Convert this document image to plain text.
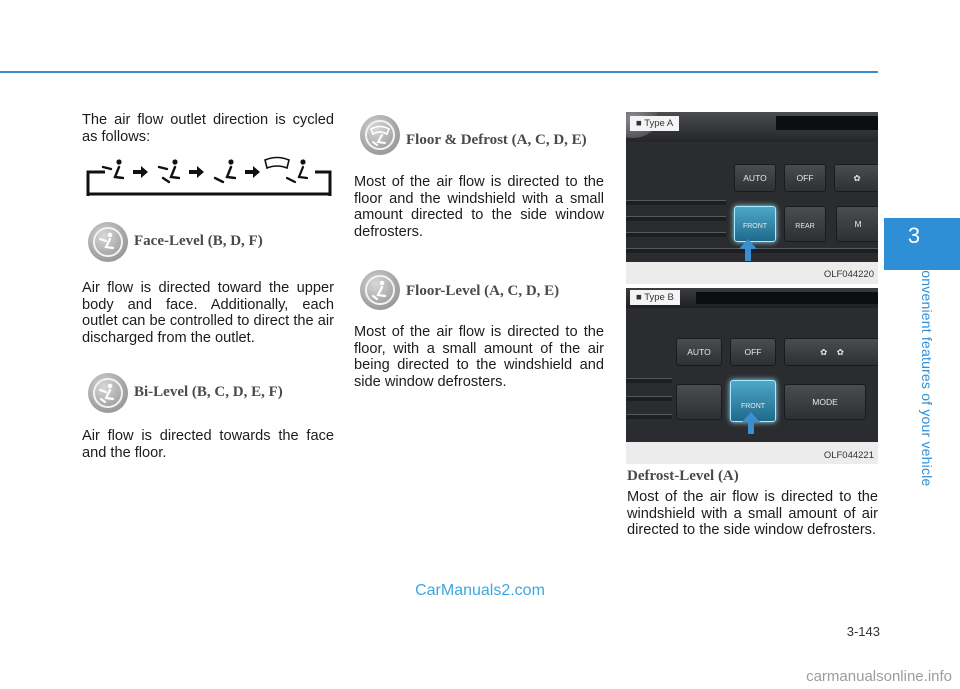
The air flow outlet direction is cycled as follows:

Face-Level (B, D, F)

Air flow is directed toward the upper body and face. Additionally, each outlet can be controlled to direct the air discharged from the outlet.

Bi-Level (B, C, D, E, F)

Air flow is directed towards the face and the floor.

Floor & Defrost (A, C, D, E)

Most of the air flow is directed to the floor and the windshield with a small amount directed to the side window defrosters.

Floor-Level (A, C, D, E)

Most of the air flow is directed to the floor, with a small amount of the air being directed to the windshield and side window defrosters.

AUTO	OFF	✿
FRONT	REAR	M
■ Type A
OLF044220
AUTO	OFF	✿    ✿
FRONT	MODE
■ Type B
OLF044221
Defrost-Level (A)

Most of the air flow is directed to the windshield with a small amount of air directed to the side window defrosters.

3
Convenient features of your vehicle
CarManuals2.com
3-143
carmanualsonline.info
